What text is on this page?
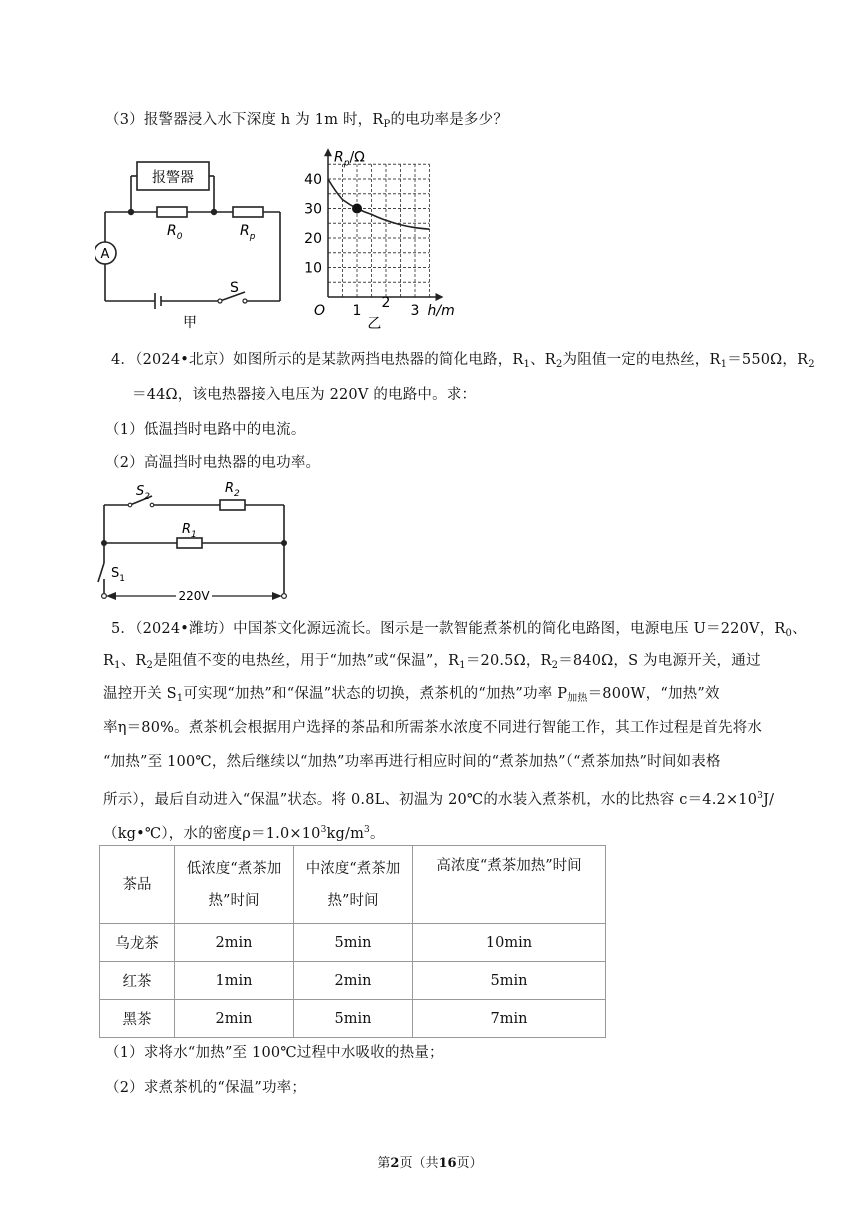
（3）报警器浸入水下深度 h 为 1m 时，$R_P$的电功率是多少？
报警器
$R_0$	$R_p$
A
S
甲
10
20
30
40
1 2 3
O
$R_p/\Omega$
h/m
乙
4．（2024•北京）如图所示的是某款两挡电热器的简化电路，$R_1$、$R_2$为阻值一定的电热丝，$R_1=550\Omega$，$R_2$
＝44Ω，该电热器接入电压为 220V 的电路中。求：
（1）低温挡时电路中的电流。
（2）高温挡时电热器的电功率。
$S_2$
$R_2$
$R_1$
$S_1$
220V
5．（2024•潍坊）中国茶文化源远流长。图示是一款智能煮茶机的简化电路图，电源电压 U＝220V，$R_0$、
$R_1$、$R_2$是阻值不变的电热丝，用于“加热”或“保温”，$R_1=20.5\Omega$，$R_2=840\Omega$，S 为电源开关，通过
温控开关 $S_1$可实现“加热”和“保温”状态的切换，煮茶机的“加热”功率 $P_{加热}=800W$，“加热”效
率η＝80%。煮茶机会根据用户选择的茶品和所需茶水浓度不同进行智能工作，其工作过程是首先将水
“加热”至 100℃，然后继续以“加热”功率再进行相应时间的“煮茶加热”（“煮茶加热”时间如表格
所示），最后自动进入“保温”状态。将 0.8L、初温为 20℃的水装入煮茶机，水的比热容 $c=4.2\times 10^3J/$
（kg•℃），水的密度$\rho=1.0\times 10^3kg/m^3$。
茶品	低浓度“煮茶加热”时间	中浓度“煮茶加热”时间	高浓度“煮茶加热”时间
乌龙茶	2min	5min	10min
红茶	1min	2min	5min
黑茶	2min	5min	7min
（1）求将水“加热”至 100℃过程中水吸收的热量；
（2）求煮茶机的“保温”功率；
第2页（共16页）
